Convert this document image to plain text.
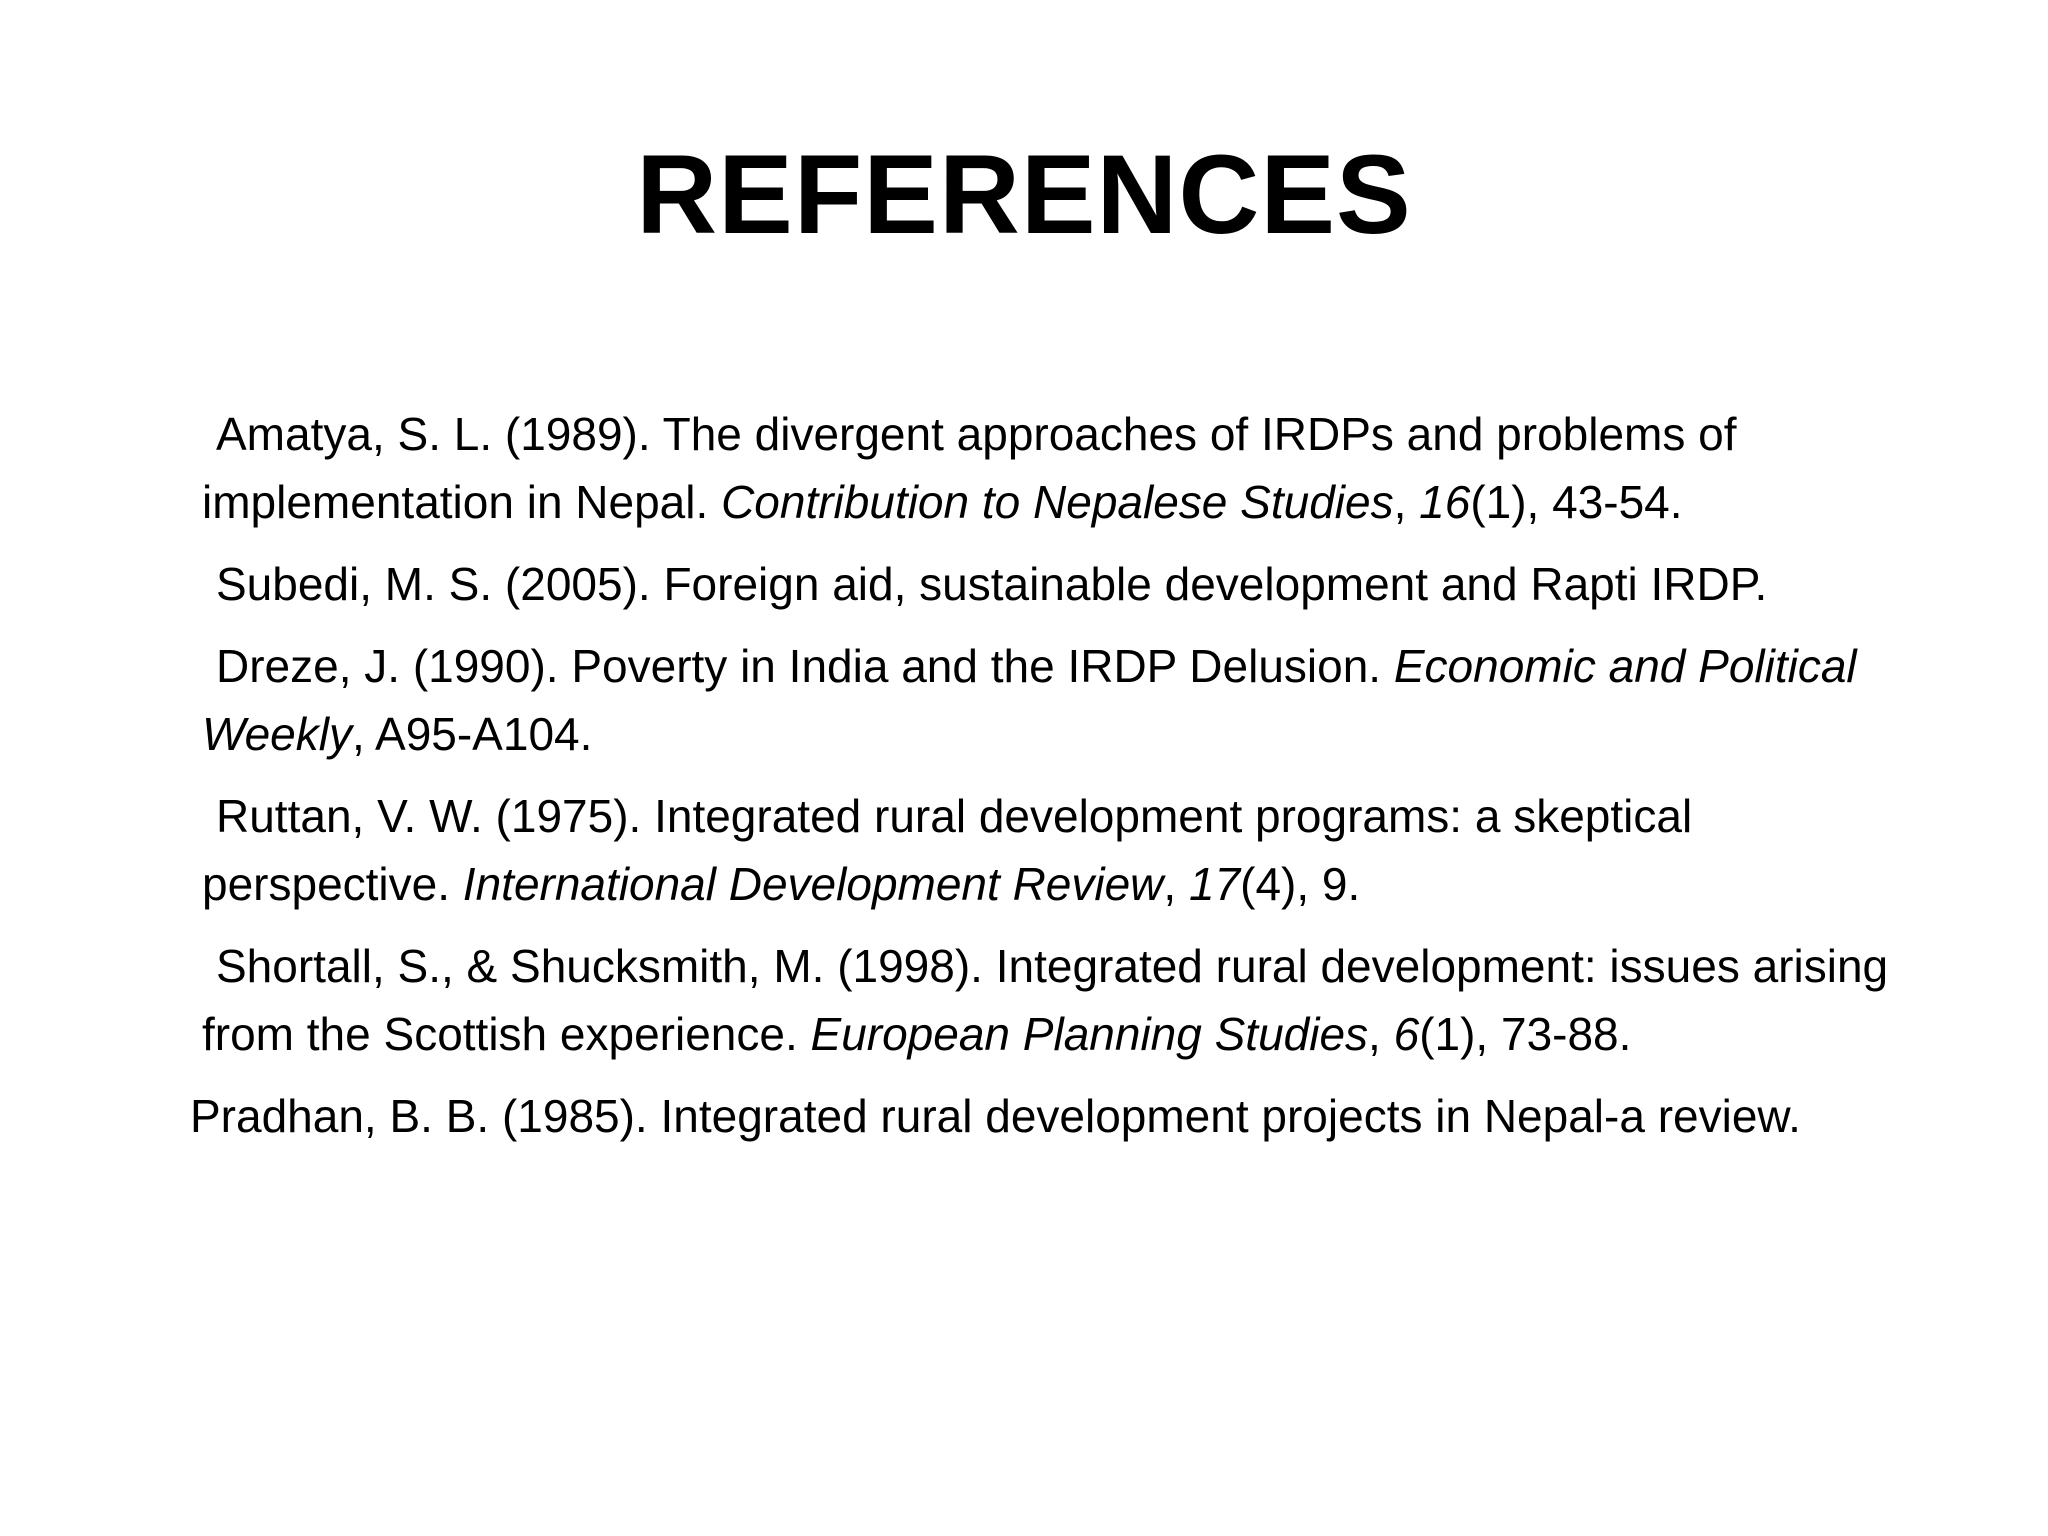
REFERENCES

Amatya, S. L. (1989). The divergent approaches of IRDPs and problems of implementation in Nepal. Contribution to Nepalese Studies, 16(1), 43-54.

Subedi, M. S. (2005). Foreign aid, sustainable development and Rapti IRDP.

Dreze, J. (1990). Poverty in India and the IRDP Delusion. Economic and Political Weekly, A95-A104.

Ruttan, V. W. (1975). Integrated rural development programs: a skeptical perspective. International Development Review, 17(4), 9.

Shortall, S., & Shucksmith, M. (1998). Integrated rural development: issues arising from the Scottish experience. European Planning Studies, 6(1), 73-88.

Pradhan, B. B. (1985). Integrated rural development projects in Nepal-a review.
